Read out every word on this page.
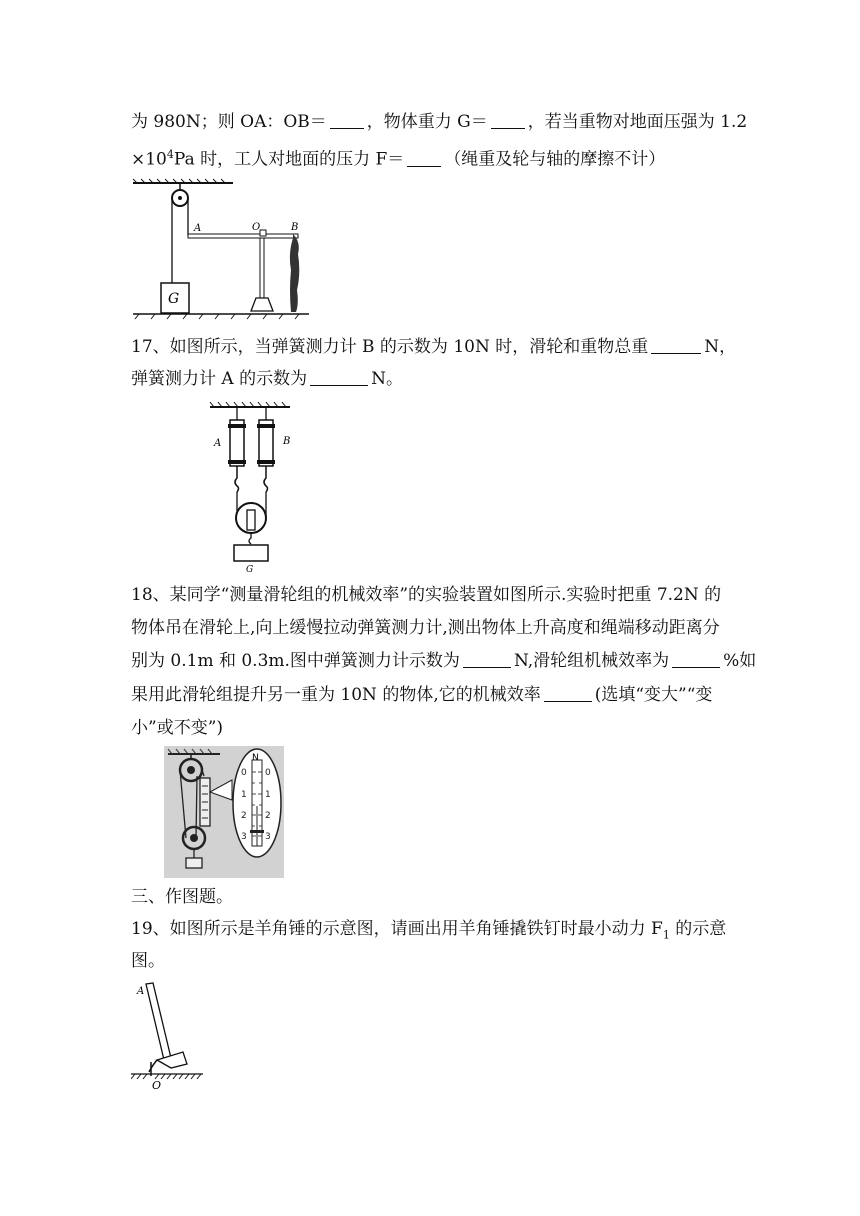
为 980N；则 OA：OB＝ ，物体重力 G＝ ，若当重物对地面压强为 1.2
$\times 10^4Pa$ 时，工人对地面的压力 F＝ （绳重及轮与轴的摩擦不计）
G
A	O	B
17、如图所示，当弹簧测力计 B 的示数为 10N 时，滑轮和重物总重	N，
弹簧测力计 A 的示数为	N。
A	B
G
18、某同学“测量滑轮组的机械效率”的实验装置如图所示.实验时把重 7.2N 的
物体吊在滑轮上,向上缓慢拉动弹簧测力计,测出物体上升高度和绳端移动距离分
别为 0.1m 和 0.3m.图中弹簧测力计示数为	N,滑轮组机械效率为	%如
果用此滑轮组提升另一重为 10N 的物体,它的机械效率	(选填“变大”“变
小”或不变”)
N
0 0
1 1
2 2
3 3
三、作图题。
19、如图所示是羊角锤的示意图，请画出用羊角锤撬铁钉时最小动力 $F_1$ 的示意
图。
A
O
